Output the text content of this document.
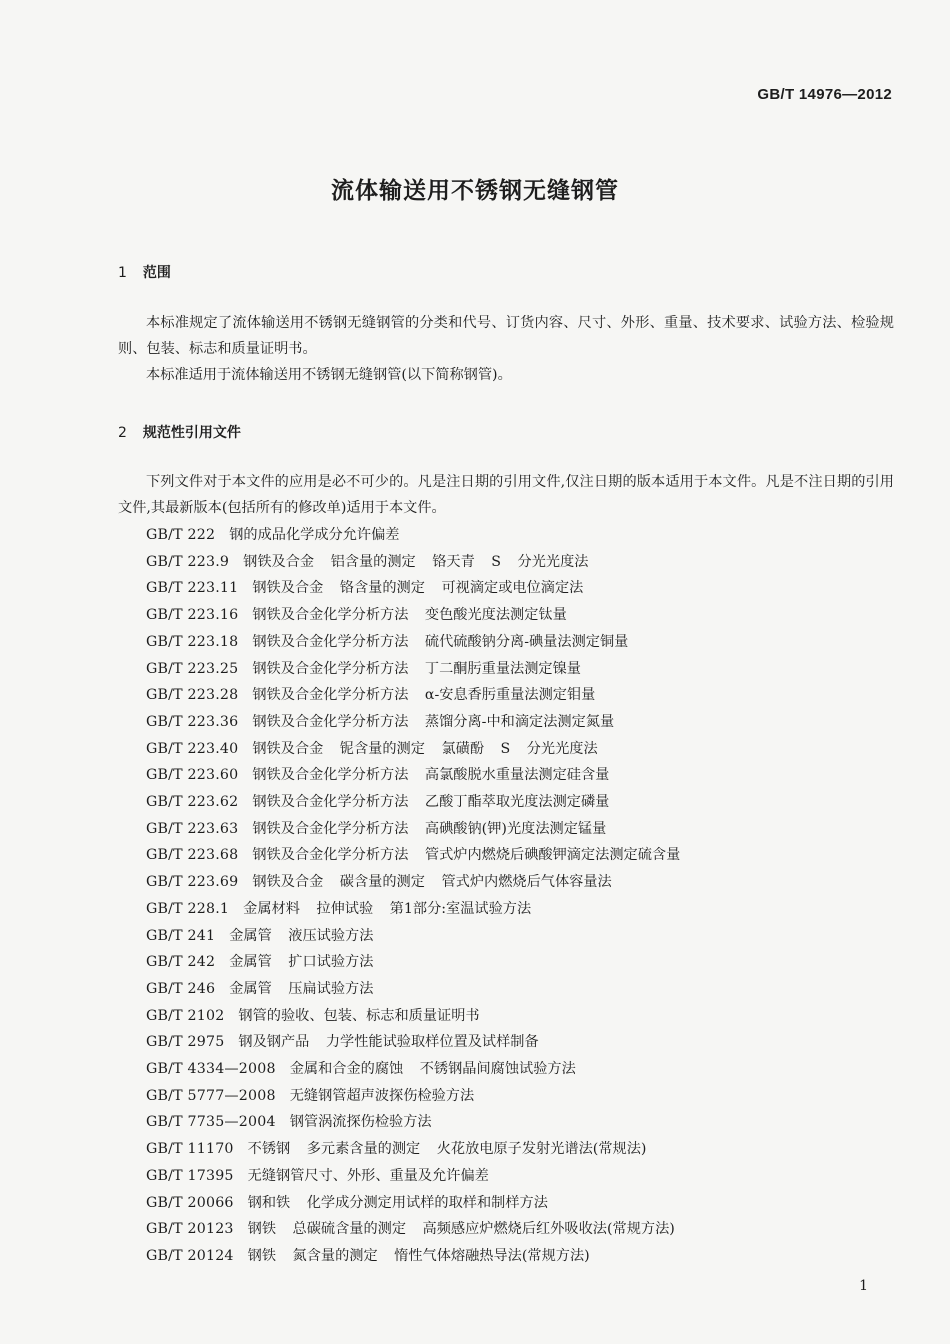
GB/T 14976—2012
流体输送用不锈钢无缝钢管
1 范围

本标准规定了流体输送用不锈钢无缝钢管的分类和代号、订货内容、尺寸、外形、重量、技术要求、试验方法、检验规则、包装、标志和质量证明书。

本标准适用于流体输送用不锈钢无缝钢管(以下简称钢管)。

2 规范性引用文件

下列文件对于本文件的应用是必不可少的。凡是注日期的引用文件,仅注日期的版本适用于本文件。凡是不注日期的引用文件,其最新版本(包括所有的修改单)适用于本文件。

GB/T 222 钢的成品化学成分允许偏差
GB/T 223.9 钢铁及合金 铝含量的测定 铬天青 S 分光光度法
GB/T 223.11 钢铁及合金 铬含量的测定 可视滴定或电位滴定法
GB/T 223.16 钢铁及合金化学分析方法 变色酸光度法测定钛量
GB/T 223.18 钢铁及合金化学分析方法 硫代硫酸钠分离-碘量法测定铜量
GB/T 223.25 钢铁及合金化学分析方法 丁二酮肟重量法测定镍量
GB/T 223.28 钢铁及合金化学分析方法 α-安息香肟重量法测定钼量
GB/T 223.36 钢铁及合金化学分析方法 蒸馏分离-中和滴定法测定氮量
GB/T 223.40 钢铁及合金 铌含量的测定 氯磺酚 S 分光光度法
GB/T 223.60 钢铁及合金化学分析方法 高氯酸脱水重量法测定硅含量
GB/T 223.62 钢铁及合金化学分析方法 乙酸丁酯萃取光度法测定磷量
GB/T 223.63 钢铁及合金化学分析方法 高碘酸钠(钾)光度法测定锰量
GB/T 223.68 钢铁及合金化学分析方法 管式炉内燃烧后碘酸钾滴定法测定硫含量
GB/T 223.69 钢铁及合金 碳含量的测定 管式炉内燃烧后气体容量法
GB/T 228.1 金属材料 拉伸试验 第1部分:室温试验方法
GB/T 241 金属管 液压试验方法
GB/T 242 金属管 扩口试验方法
GB/T 246 金属管 压扁试验方法
GB/T 2102 钢管的验收、包装、标志和质量证明书
GB/T 2975 钢及钢产品 力学性能试验取样位置及试样制备
GB/T 4334—2008 金属和合金的腐蚀 不锈钢晶间腐蚀试验方法
GB/T 5777—2008 无缝钢管超声波探伤检验方法
GB/T 7735—2004 钢管涡流探伤检验方法
GB/T 11170 不锈钢 多元素含量的测定 火花放电原子发射光谱法(常规法)
GB/T 17395 无缝钢管尺寸、外形、重量及允许偏差
GB/T 20066 钢和铁 化学成分测定用试样的取样和制样方法
GB/T 20123 钢铁 总碳硫含量的测定 高频感应炉燃烧后红外吸收法(常规方法)
GB/T 20124 钢铁 氮含量的测定 惰性气体熔融热导法(常规方法)
1
